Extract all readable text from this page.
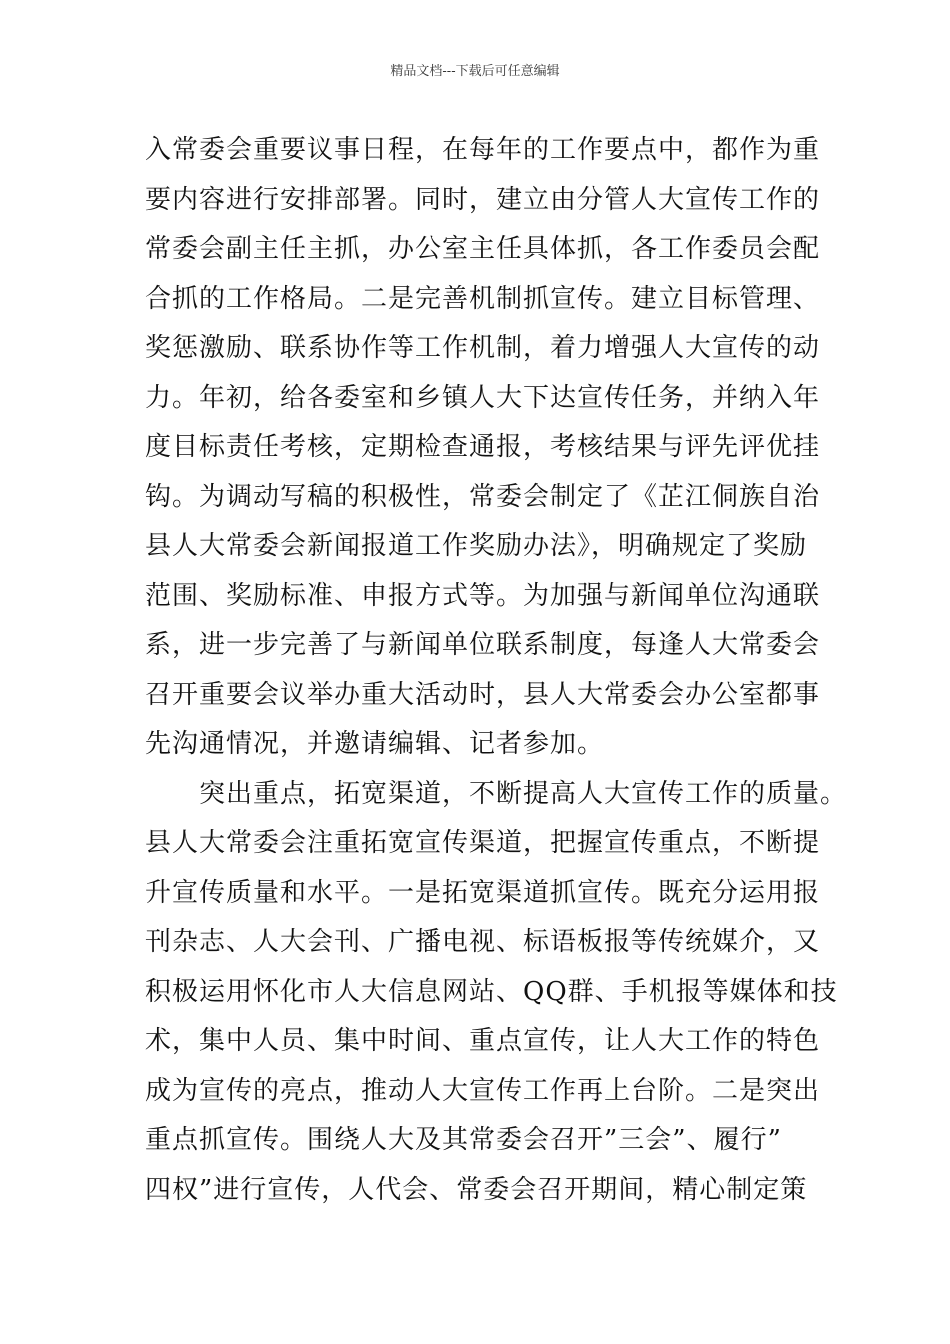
精品文档---下载后可任意编辑
入常委会重要议事日程，在每年的工作要点中，都作为重
要内容进行安排部署。同时，建立由分管人大宣传工作的
常委会副主任主抓，办公室主任具体抓，各工作委员会配
合抓的工作格局。二是完善机制抓宣传。建立目标管理、
奖惩激励、联系协作等工作机制，着力增强人大宣传的动
力。年初，给各委室和乡镇人大下达宣传任务，并纳入年
度目标责任考核，定期检查通报，考核结果与评先评优挂
钩。为调动写稿的积极性，常委会制定了《芷江侗族自治
县人大常委会新闻报道工作奖励办法》，明确规定了奖励
范围、奖励标准、申报方式等。为加强与新闻单位沟通联
系，进一步完善了与新闻单位联系制度，每逢人大常委会
召开重要会议举办重大活动时，县人大常委会办公室都事
先沟通情况，并邀请编辑、记者参加。
突出重点，拓宽渠道，不断提高人大宣传工作的质量。
县人大常委会注重拓宽宣传渠道，把握宣传重点，不断提
升宣传质量和水平。一是拓宽渠道抓宣传。既充分运用报
刊杂志、人大会刊、广播电视、标语板报等传统媒介，又
积极运用怀化市人大信息网站、QQ群、手机报等媒体和技
术，集中人员、集中时间、重点宣传，让人大工作的特色
成为宣传的亮点，推动人大宣传工作再上台阶。二是突出
重点抓宣传。围绕人大及其常委会召开”三会”、履行”
四权”进行宣传，人代会、常委会召开期间，精心制定策
